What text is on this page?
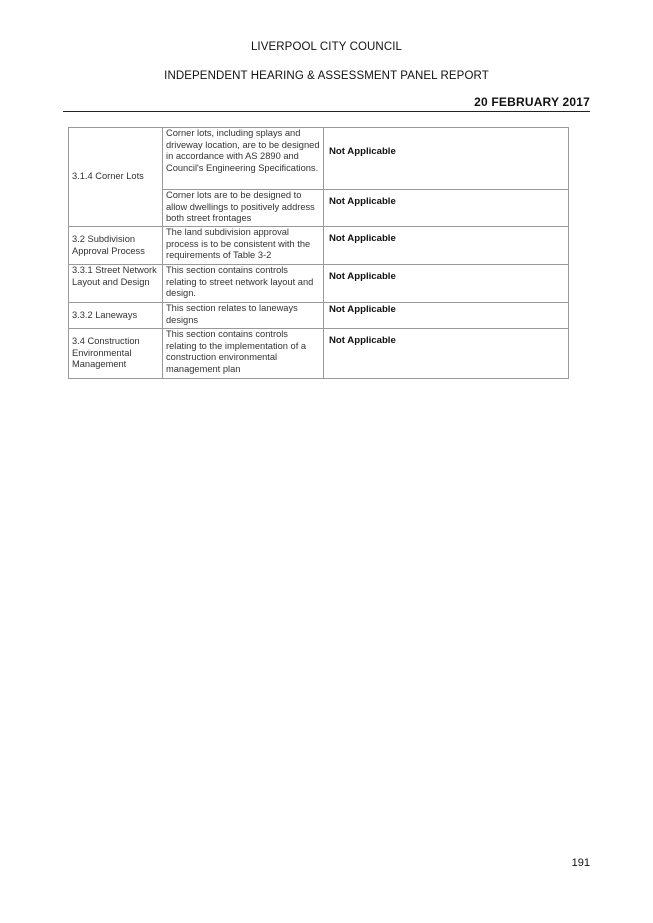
LIVERPOOL CITY COUNCIL
INDEPENDENT HEARING & ASSESSMENT PANEL REPORT
20 FEBRUARY 2017
3.1.4 Corner Lots	Corner lots, including splays and driveway location, are to be designed in accordance with AS 2890 and Council's Engineering Specifications.	Not Applicable
	Corner lots are to be designed to allow dwellings to positively address both street frontages	Not Applicable
3.2 Subdivision Approval Process	The land subdivision approval process is to be consistent with the requirements of Table 3-2	Not Applicable
3.3.1 Street Network Layout and Design	This section contains controls relating to street network layout and design.	Not Applicable
3.3.2 Laneways	This section relates to laneways designs	Not Applicable
3.4 Construction Environmental Management	This section contains controls relating to the implementation of a construction environmental management plan	Not Applicable
191
